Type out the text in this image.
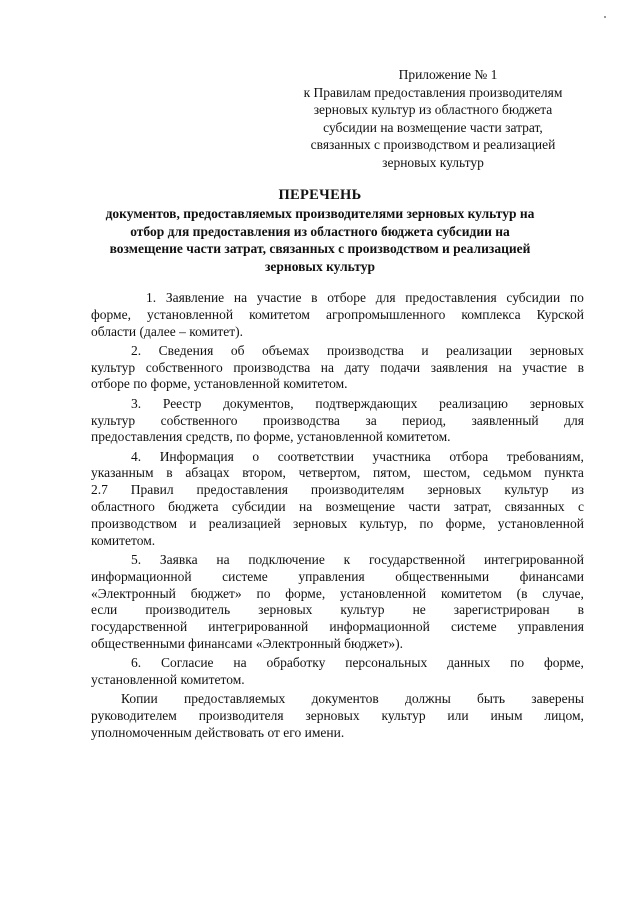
Приложение № 1
к Правилам предоставления производителям
зерновых культур из областного бюджета
субсидии на возмещение части затрат,
связанных с производством и реализацией
зерновых культур
ПЕРЕЧЕНЬ
документов, предоставляемых производителями зерновых культур на
отбор для предоставления из областного бюджета субсидии на
возмещение части затрат, связанных с производством и реализацией
зерновых культур
1. Заявление на участие в отборе для предоставления субсидии по
форме, установленной комитетом агропромышленного комплекса Курской
области (далее – комитет).
2. Сведения об объемах производства и реализации зерновых
культур собственного производства на дату подачи заявления на участие в
отборе по форме, установленной комитетом.
3. Реестр документов, подтверждающих реализацию зерновых
культур собственного производства за период, заявленный для
предоставления средств, по форме, установленной комитетом.
4. Информация о соответствии участника отбора требованиям,
указанным в абзацах втором, четвертом, пятом, шестом, седьмом пункта
2.7 Правил предоставления производителям зерновых культур из
областного бюджета субсидии на возмещение части затрат, связанных с
производством и реализацией зерновых культур, по форме, установленной
комитетом.
5. Заявка на подключение к государственной интегрированной
информационной системе управления общественными финансами
«Электронный бюджет» по форме, установленной комитетом (в случае,
если производитель зерновых культур не зарегистрирован в
государственной интегрированной информационной системе управления
общественными финансами «Электронный бюджет»).
6. Согласие на обработку персональных данных по форме,
установленной комитетом.
Копии предоставляемых документов должны быть заверены
руководителем производителя зерновых культур или иным лицом,
уполномоченным действовать от его имени.
